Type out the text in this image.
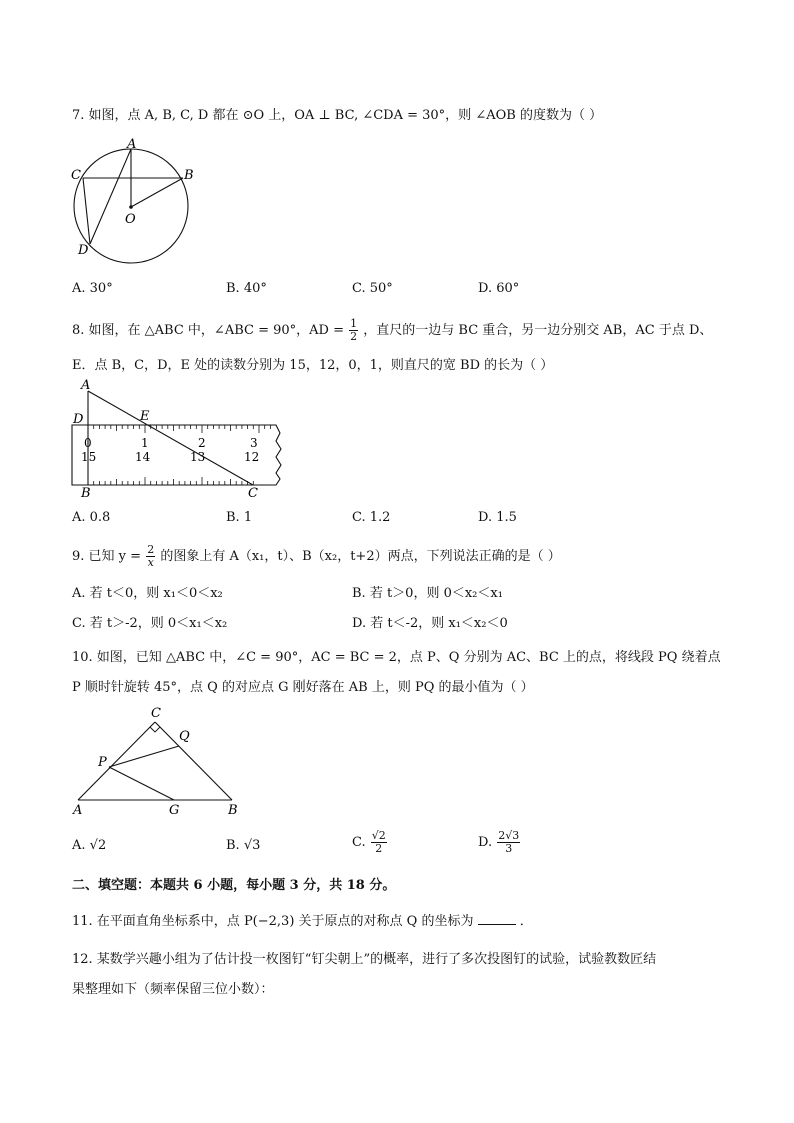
7. 如图，点 A, B, C, D 都在 ⊙O 上，OA ⊥ BC, ∠CDA = 30°，则 ∠AOB 的度数为（ ）
A
C	B
O
D
A. 30°	B. 40°	C. 50°	D. 60°
8. 如图，在 △ABC 中，∠ABC = 90°，AD = $\frac{1}{2}$ ，直尺的一边与 BC 重合，另一边分别交 AB，AC 于点 D、
E．点 B，C，D，E 处的读数分别为 15，12，0，1，则直尺的宽 BD 的长为（ ）
0	1	2	3
15	14	13	12
A
D	E
B	C
A. 0.8	B. 1	C. 1.2	D. 1.5
9. 已知 $y = \frac{2}{x}$ 的图象上有 A（x₁，t）、B（x₂，t+2）两点，下列说法正确的是（ ）
A. 若 t＜0，则 x₁＜0＜x₂	B. 若 t＞0，则 0＜x₂＜x₁
C. 若 t＞-2，则 0＜x₁＜x₂	D. 若 t＜-2，则 x₁＜x₂＜0
10. 如图，已知 △ABC 中，∠C = 90°，AC = BC = 2，点 P、Q 分别为 AC、BC 上的点，将线段 PQ 绕着点
P 顺时针旋转 45°，点 Q 的对应点 G 刚好落在 AB 上，则 PQ 的最小值为（ ）
C
Q
P
A	G	B
A. √2	B. √3	C. $\frac{√2}{2}$	D. $\frac{2√3}{3}$
二、填空题：本题共 6 小题，每小题 3 分，共 18 分。
11. 在平面直角坐标系中，点 P(−2,3) 关于原点的对称点 Q 的坐标为	．
12. 某数学兴趣小组为了估计投一枚图钉“钉尖朝上”的概率，进行了多次投图钉的试验，试验教数匠结
果整理如下（频率保留三位小数）：
